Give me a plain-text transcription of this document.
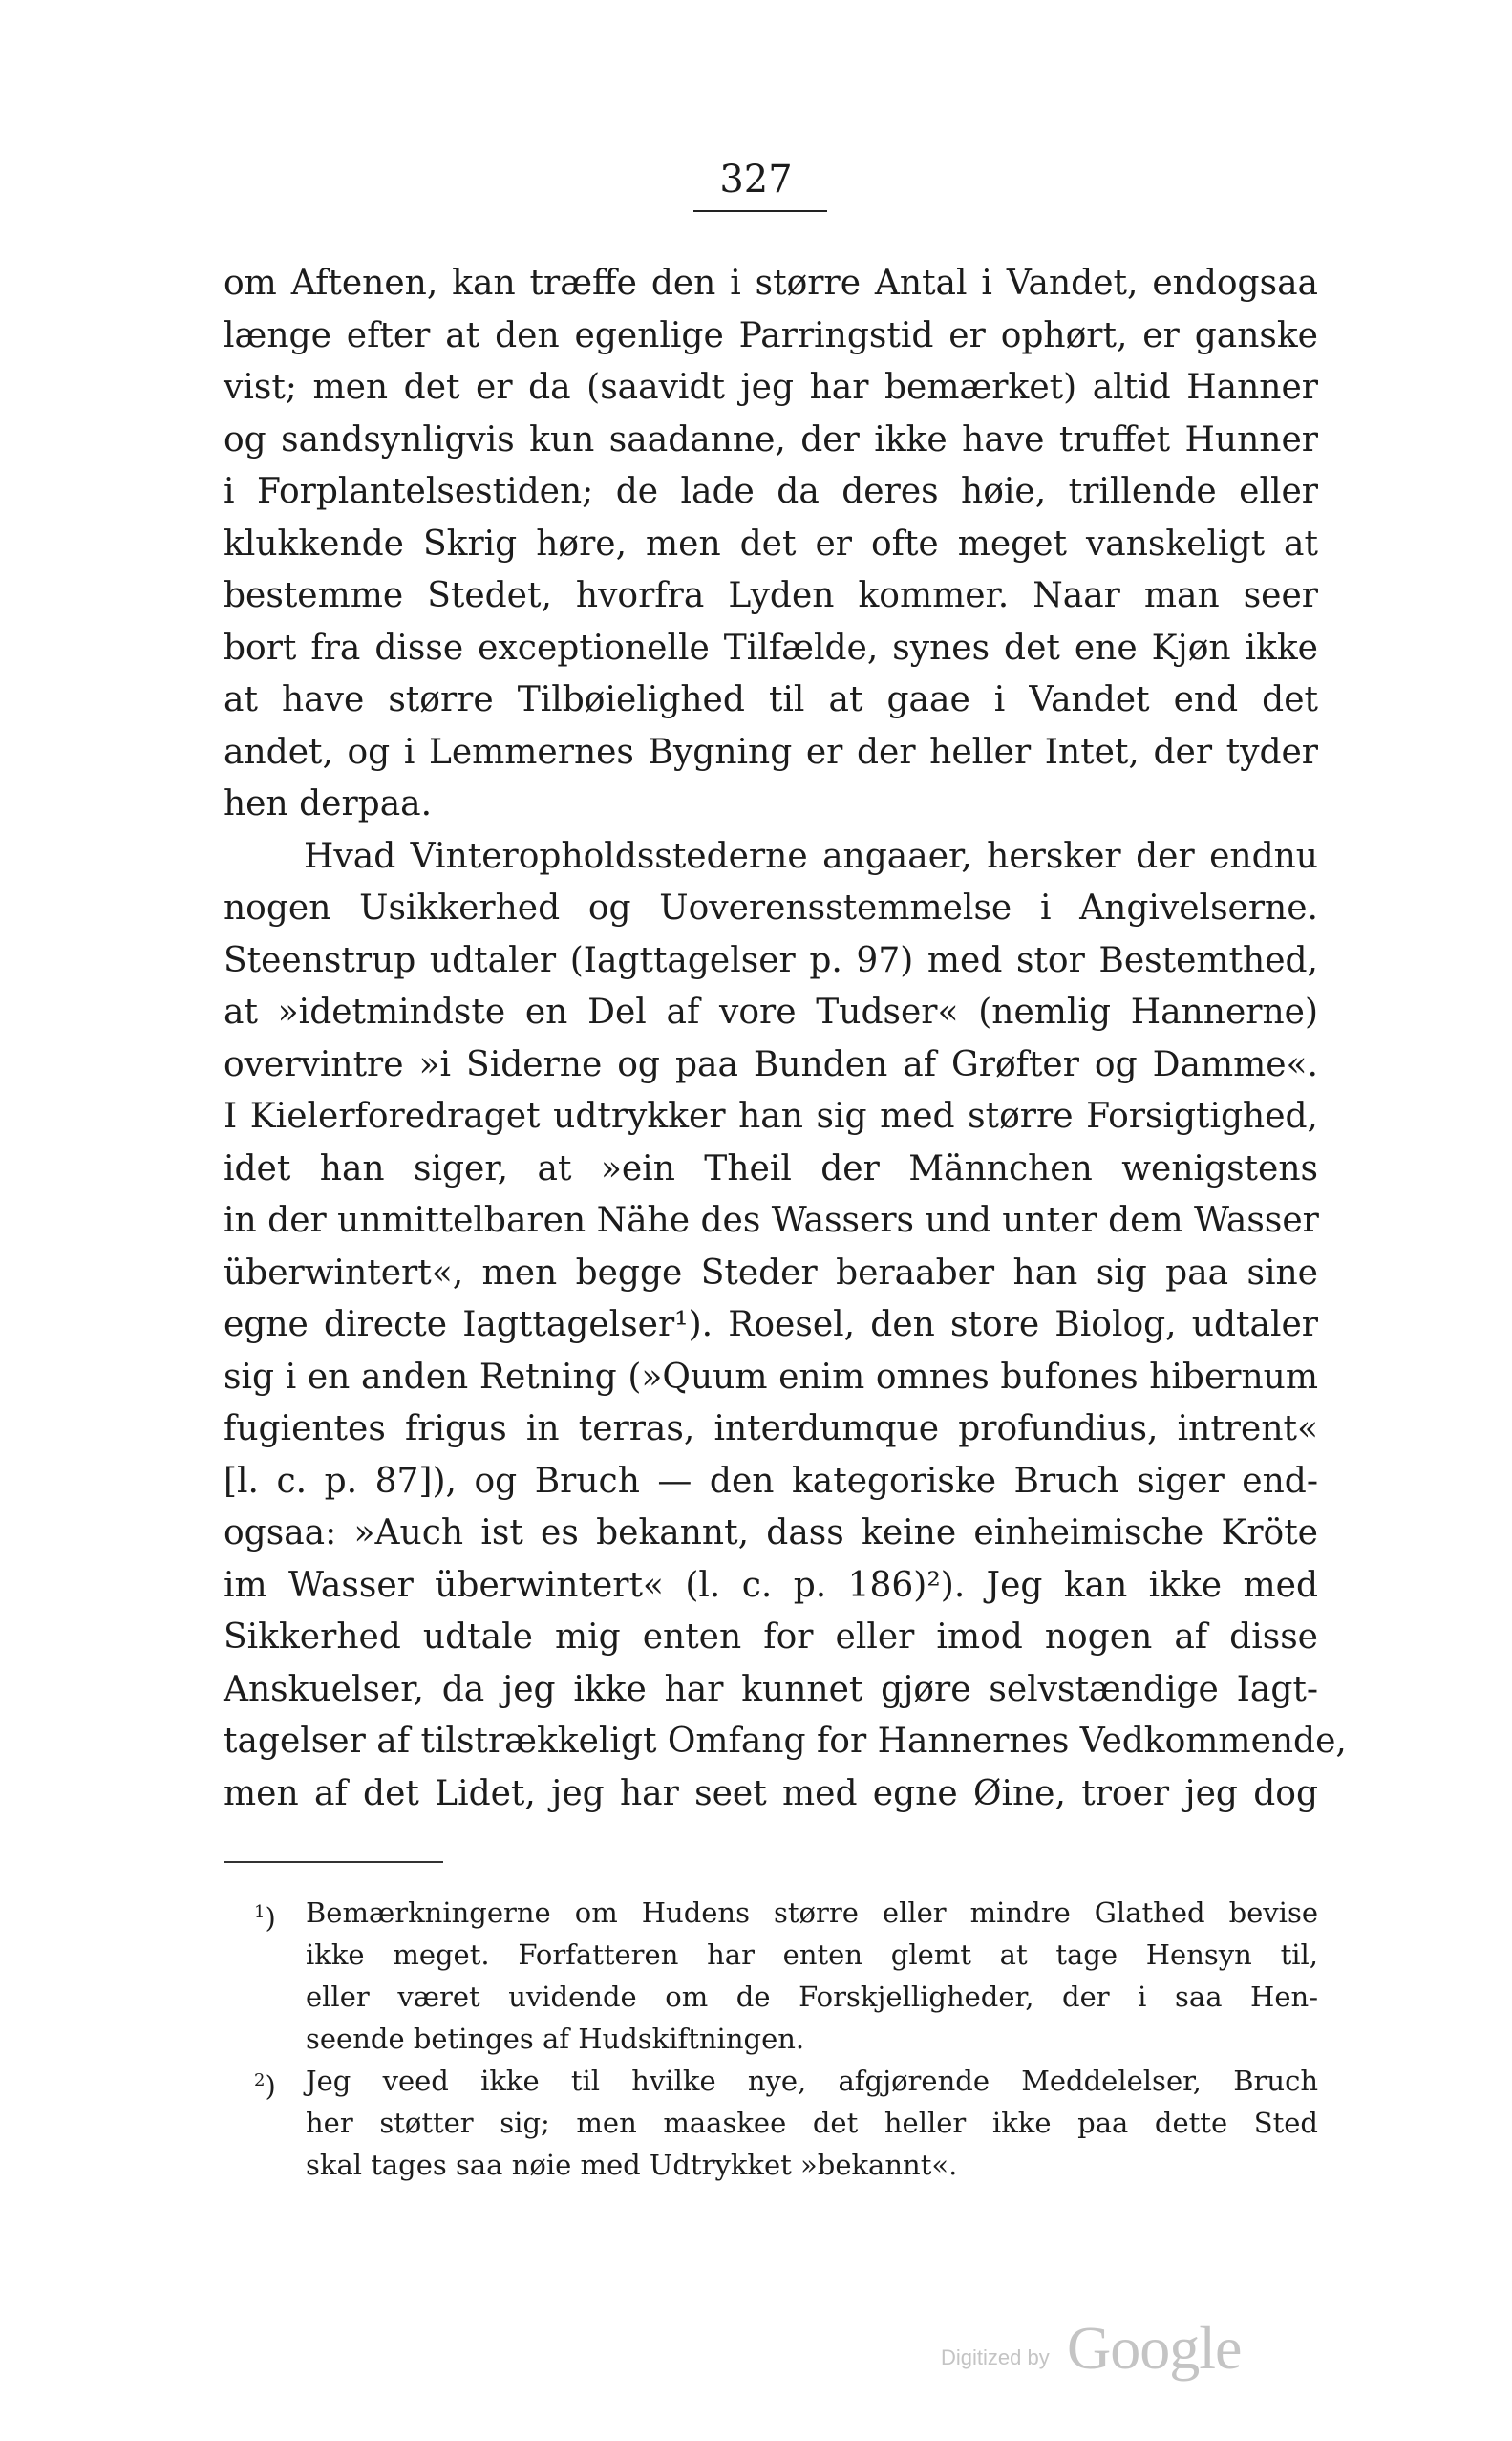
327
om Aftenen, kan træffe den i større Antal i Vandet, endogsaa
længe efter at den egenlige Parringstid er ophørt, er ganske
vist; men det er da (saavidt jeg har bemærket) altid Hanner
og sandsynligvis kun saadanne, der ikke have truffet Hunner
i Forplantelsestiden; de lade da deres høie, trillende eller
klukkende Skrig høre, men det er ofte meget vanskeligt at
bestemme Stedet, hvorfra Lyden kommer. Naar man seer
bort fra disse exceptionelle Tilfælde, synes det ene Kjøn ikke
at have større Tilbøielighed til at gaae i Vandet end det
andet, og i Lemmernes Bygning er der heller Intet, der tyder
hen derpaa.
Hvad Vinteropholdsstederne angaaer, hersker der endnu
nogen Usikkerhed og Uoverensstemmelse i Angivelserne.
Steenstrup udtaler (Iagttagelser p. 97) med stor Bestemthed,
at »idetmindste en Del af vore Tudser« (nemlig Hannerne)
overvintre »i Siderne og paa Bunden af Grøfter og Damme«.
I Kielerforedraget udtrykker han sig med større Forsigtighed,
idet han siger, at »ein Theil der Männchen wenigstens
in der unmittelbaren Nähe des Wassers und unter dem Wasser
überwintert«, men begge Steder beraaber han sig paa sine
egne directe Iagttagelser¹). Roesel, den store Biolog, udtaler
sig i en anden Retning (»Quum enim omnes bufones hibernum
fugientes frigus in terras, interdumque profundius, intrent«
[l. c. p. 87]), og Bruch — den kategoriske Bruch siger end-
ogsaa: »Auch ist es bekannt, dass keine einheimische Kröte
im Wasser überwintert« (l. c. p. 186)²). Jeg kan ikke med
Sikkerhed udtale mig enten for eller imod nogen af disse
Anskuelser, da jeg ikke har kunnet gjøre selvstændige Iagt-
tagelser af tilstrækkeligt Omfang for Hannernes Vedkommende,
men af det Lidet, jeg har seet med egne Øine, troer jeg dog
$^1$) Bemærkningerne om Hudens større eller mindre Glathed bevise
ikke meget. Forfatteren har enten glemt at tage Hensyn til,
eller været uvidende om de Forskjelligheder, der i saa Hen-
seende betinges af Hudskiftningen.
$^2$) Jeg veed ikke til hvilke nye, afgjørende Meddelelser, Bruch
her støtter sig; men maaskee det heller ikke paa dette Sted
skal tages saa nøie med Udtrykket »bekannt«.
Digitized by Google
